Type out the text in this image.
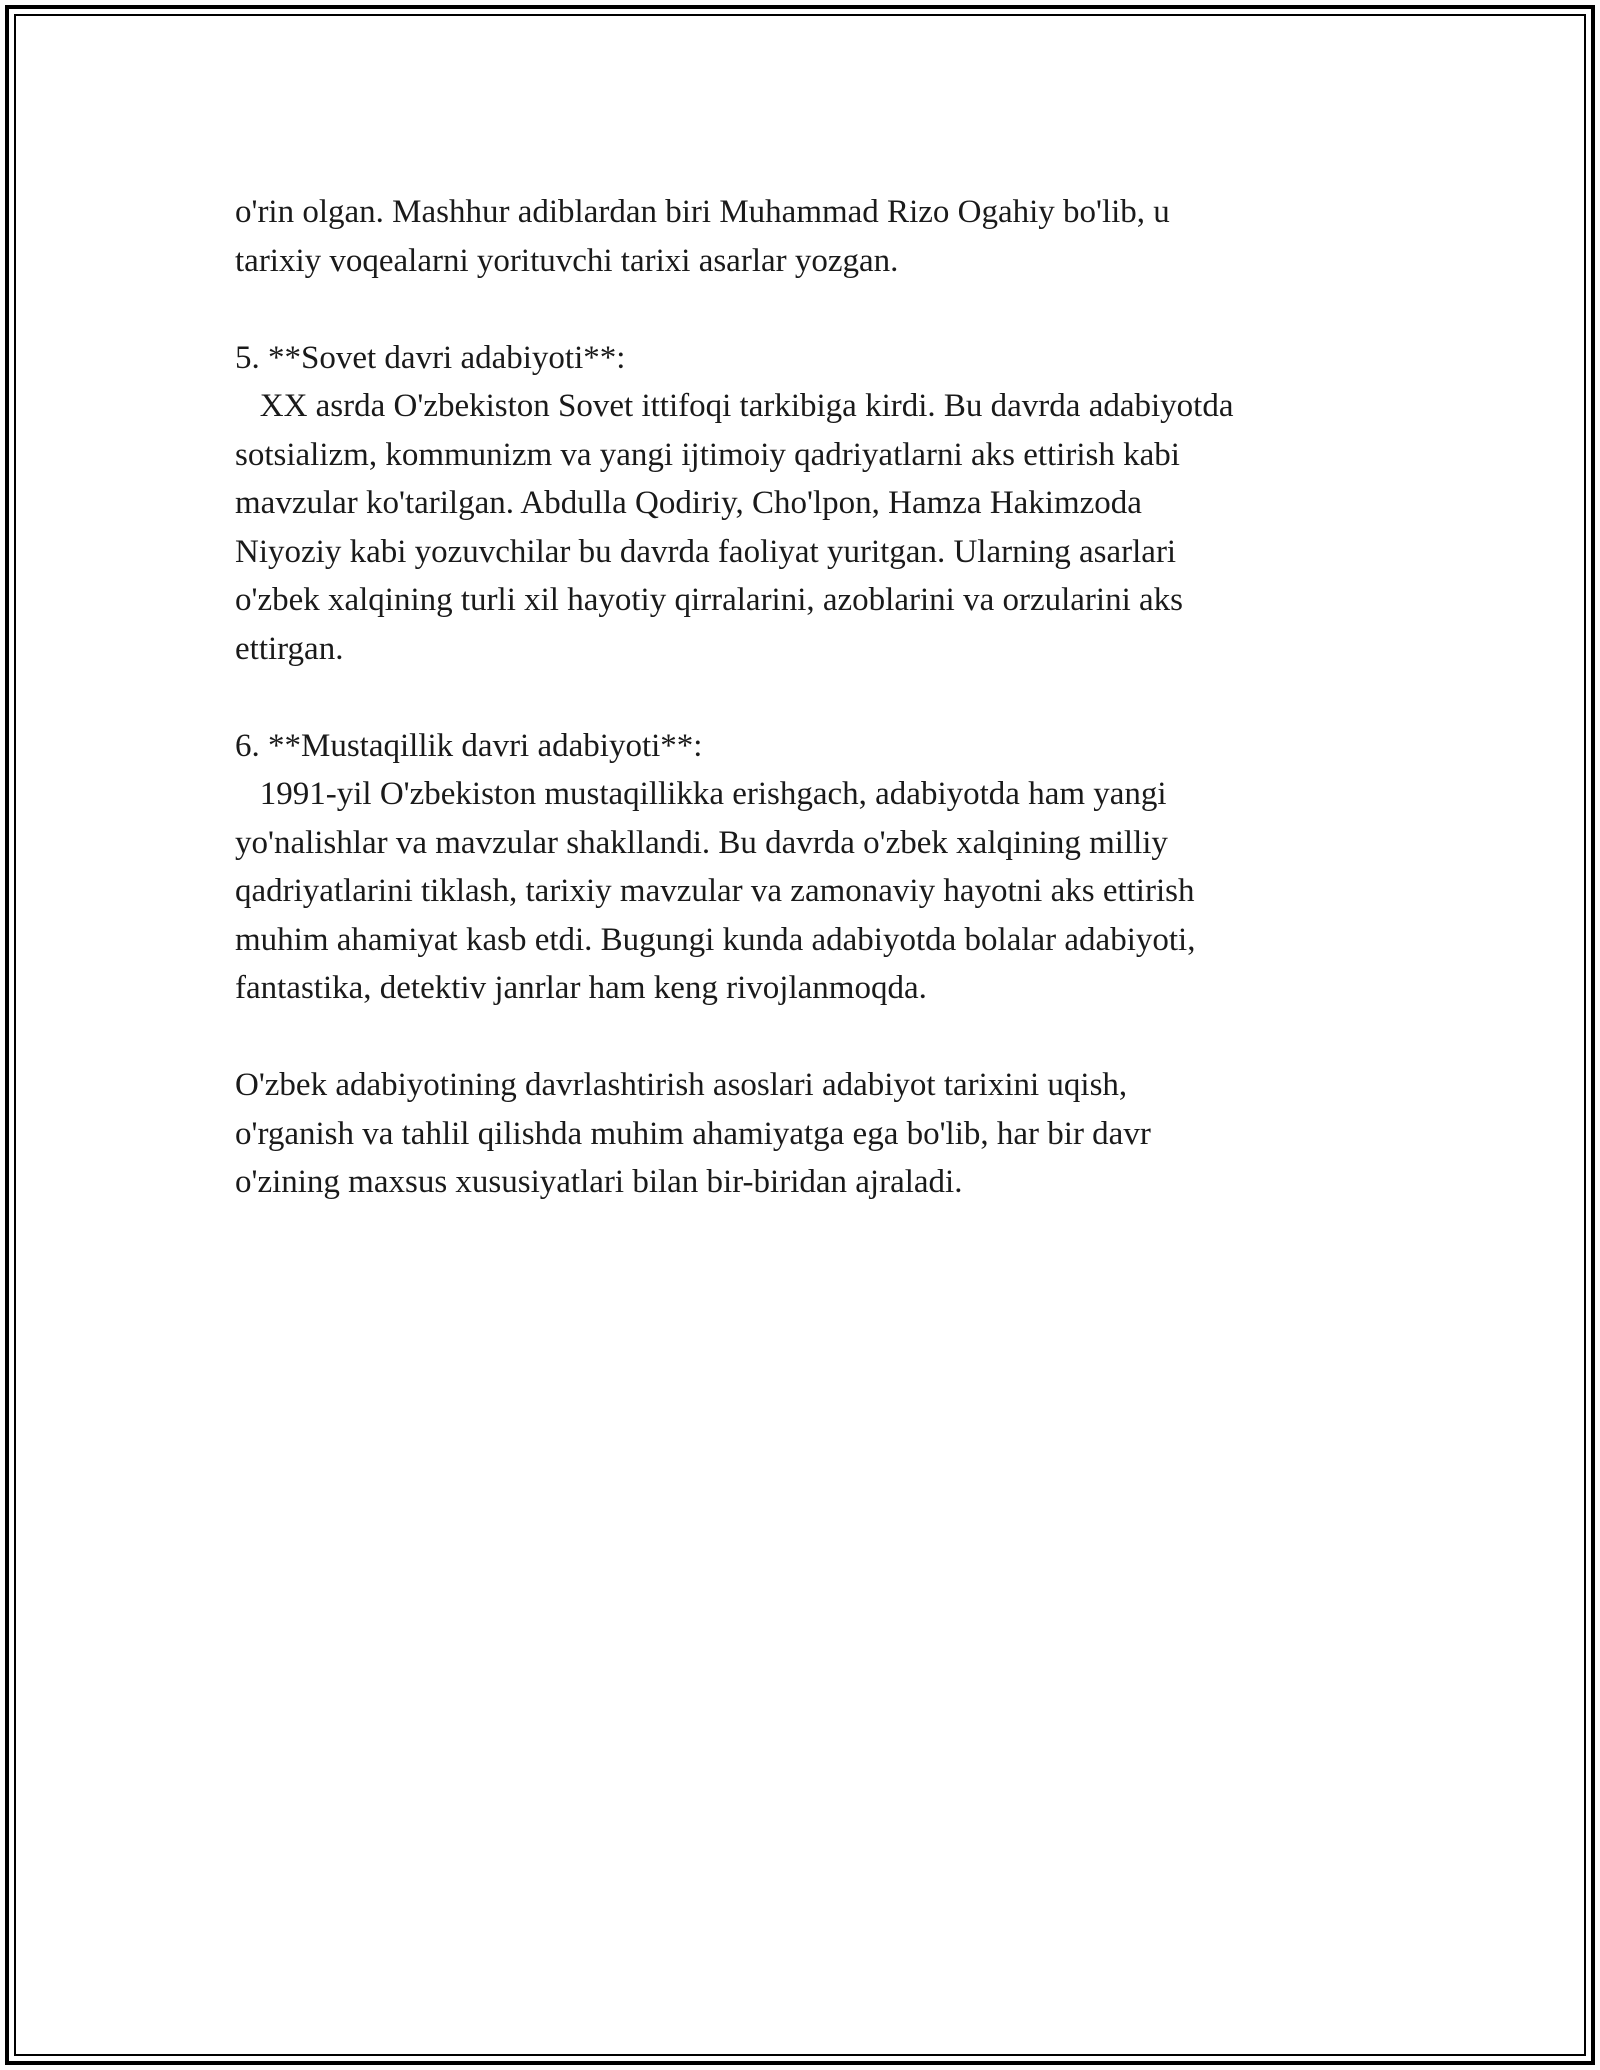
o'rin olgan. Mashhur adiblardan biri Muhammad Rizo Ogahiy bo'lib, u
tarixiy voqealarni yorituvchi tarixi asarlar yozgan.
5. **Sovet davri adabiyoti**:
XX asrda O'zbekiston Sovet ittifoqi tarkibiga kirdi. Bu davrda adabiyotda
sotsializm, kommunizm va yangi ijtimoiy qadriyatlarni aks ettirish kabi
mavzular ko'tarilgan. Abdulla Qodiriy, Cho'lpon, Hamza Hakimzoda
Niyoziy kabi yozuvchilar bu davrda faoliyat yuritgan. Ularning asarlari
o'zbek xalqining turli xil hayotiy qirralarini, azoblarini va orzularini aks
ettirgan.
6. **Mustaqillik davri adabiyoti**:
1991-yil O'zbekiston mustaqillikka erishgach, adabiyotda ham yangi
yo'nalishlar va mavzular shakllandi. Bu davrda o'zbek xalqining milliy
qadriyatlarini tiklash, tarixiy mavzular va zamonaviy hayotni aks ettirish
muhim ahamiyat kasb etdi. Bugungi kunda adabiyotda bolalar adabiyoti,
fantastika, detektiv janrlar ham keng rivojlanmoqda.
O'zbek adabiyotining davrlashtirish asoslari adabiyot tarixini uqish,
o'rganish va tahlil qilishda muhim ahamiyatga ega bo'lib, har bir davr
o'zining maxsus xususiyatlari bilan bir-biridan ajraladi.
